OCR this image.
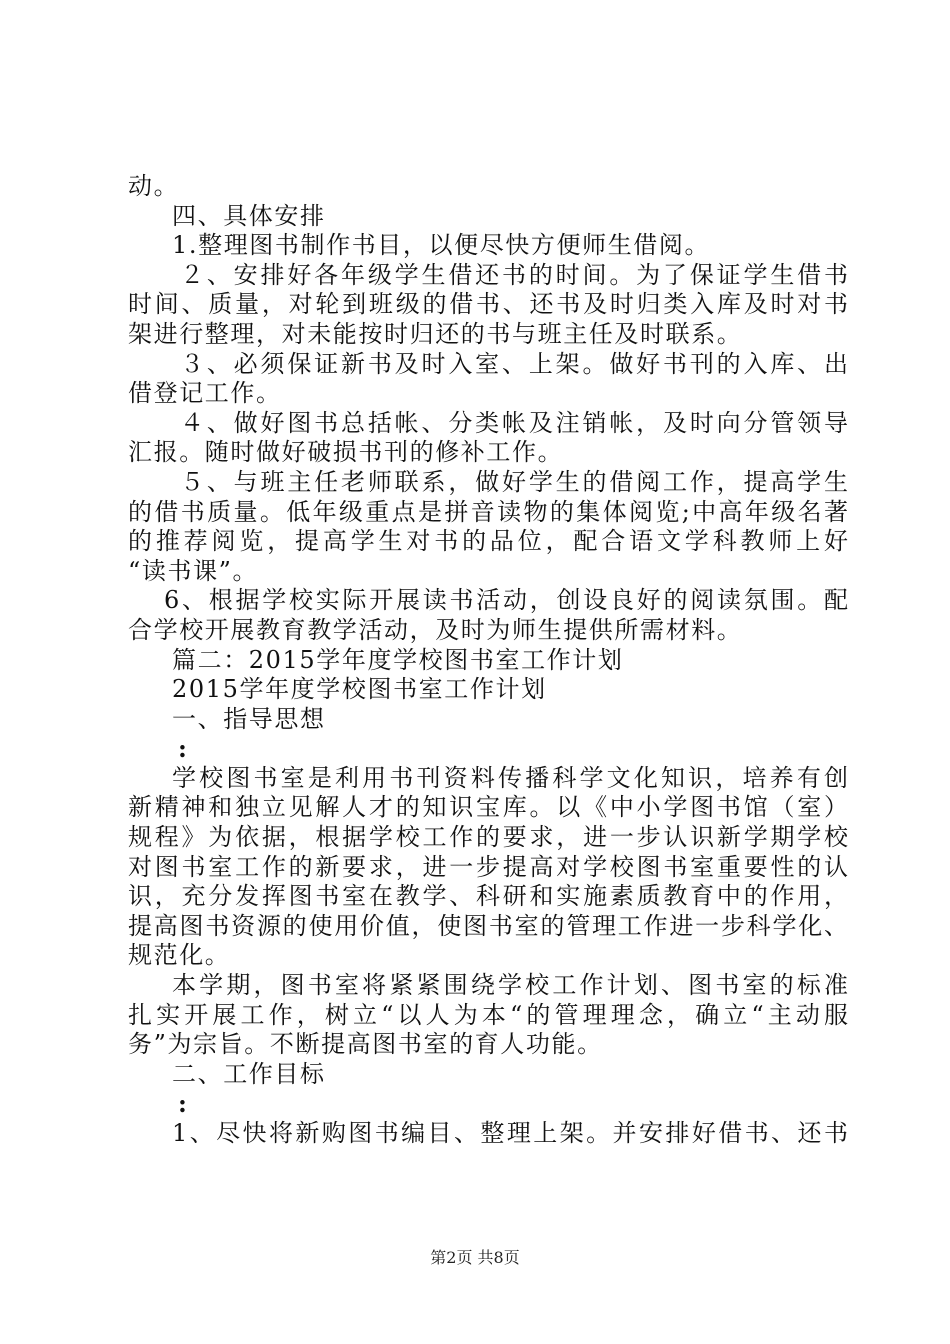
动。
四、具体安排
1.整理图书制作书目，以便尽快方便师生借阅。
２、安排好各年级学生借还书的时间。为了保证学生借书
时间、质量，对轮到班级的借书、还书及时归类入库及时对书
架进行整理，对未能按时归还的书与班主任及时联系。
３、必须保证新书及时入室、上架。做好书刊的入库、出
借登记工作。
４、做好图书总括帐、分类帐及注销帐，及时向分管领导
汇报。随时做好破损书刊的修补工作。
５、与班主任老师联系，做好学生的借阅工作，提高学生
的借书质量。低年级重点是拼音读物的集体阅览;中高年级名著
的推荐阅览，提高学生对书的品位，配合语文学科教师上好
“读书课”。
6、根据学校实际开展读书活动，创设良好的阅读氛围。配
合学校开展教育教学活动，及时为师生提供所需材料。
篇二：2015学年度学校图书室工作计划
2015学年度学校图书室工作计划
一、指导思想
:
学校图书室是利用书刊资料传播科学文化知识，培养有创
新精神和独立见解人才的知识宝库。以《中小学图书馆（室）
规程》为依据，根据学校工作的要求，进一步认识新学期学校
对图书室工作的新要求，进一步提高对学校图书室重要性的认
识，充分发挥图书室在教学、科研和实施素质教育中的作用，
提高图书资源的使用价值，使图书室的管理工作进一步科学化、
规范化。
本学期，图书室将紧紧围绕学校工作计划、图书室的标准
扎实开展工作，树立“以人为本“的管理理念，确立“主动服
务”为宗旨。不断提高图书室的育人功能。
二、工作目标
:
1、尽快将新购图书编目、整理上架。并安排好借书、还书
第2页 共8页
